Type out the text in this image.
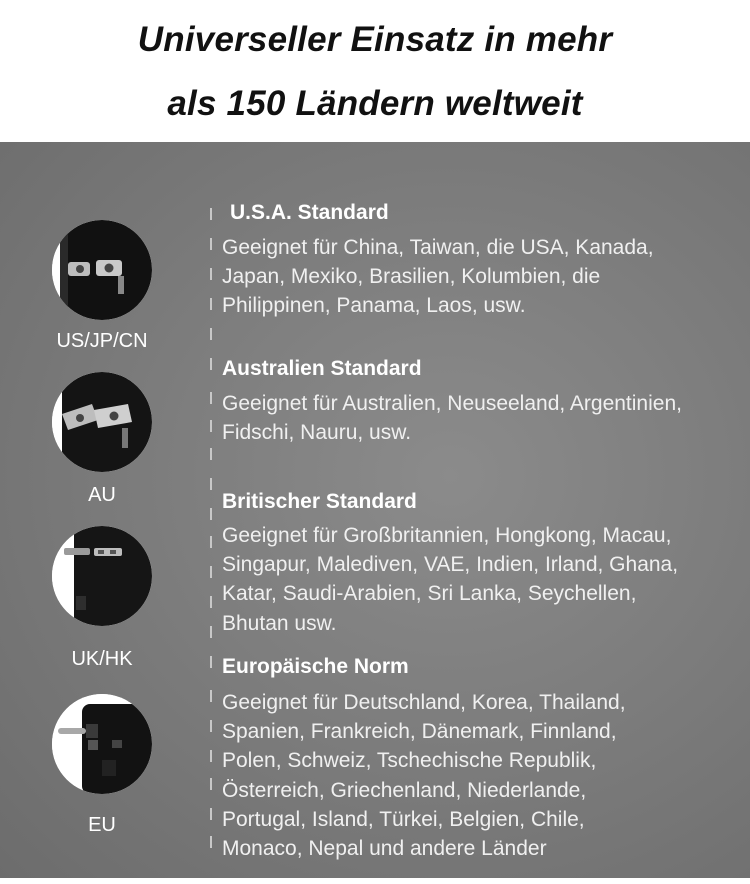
Universeller Einsatz in mehr
als 150 Ländern weltweit
US/JP/CN
AU
UK/HK
EU
U.S.A. Standard
Geeignet für China, Taiwan, die USA, Kanada,
Japan, Mexiko, Brasilien, Kolumbien, die
Philippinen, Panama, Laos, usw.
Australien Standard
Geeignet für Australien, Neuseeland, Argentinien,
Fidschi, Nauru, usw.
Britischer Standard
Geeignet für Großbritannien, Hongkong, Macau,
Singapur, Malediven, VAE, Indien, Irland, Ghana,
Katar, Saudi-Arabien, Sri Lanka, Seychellen,
Bhutan usw.
Europäische Norm
Geeignet für Deutschland, Korea, Thailand,
Spanien, Frankreich, Dänemark, Finnland,
Polen, Schweiz, Tschechische Republik,
Österreich, Griechenland, Niederlande,
Portugal, Island, Türkei, Belgien, Chile,
Monaco, Nepal und andere Länder
